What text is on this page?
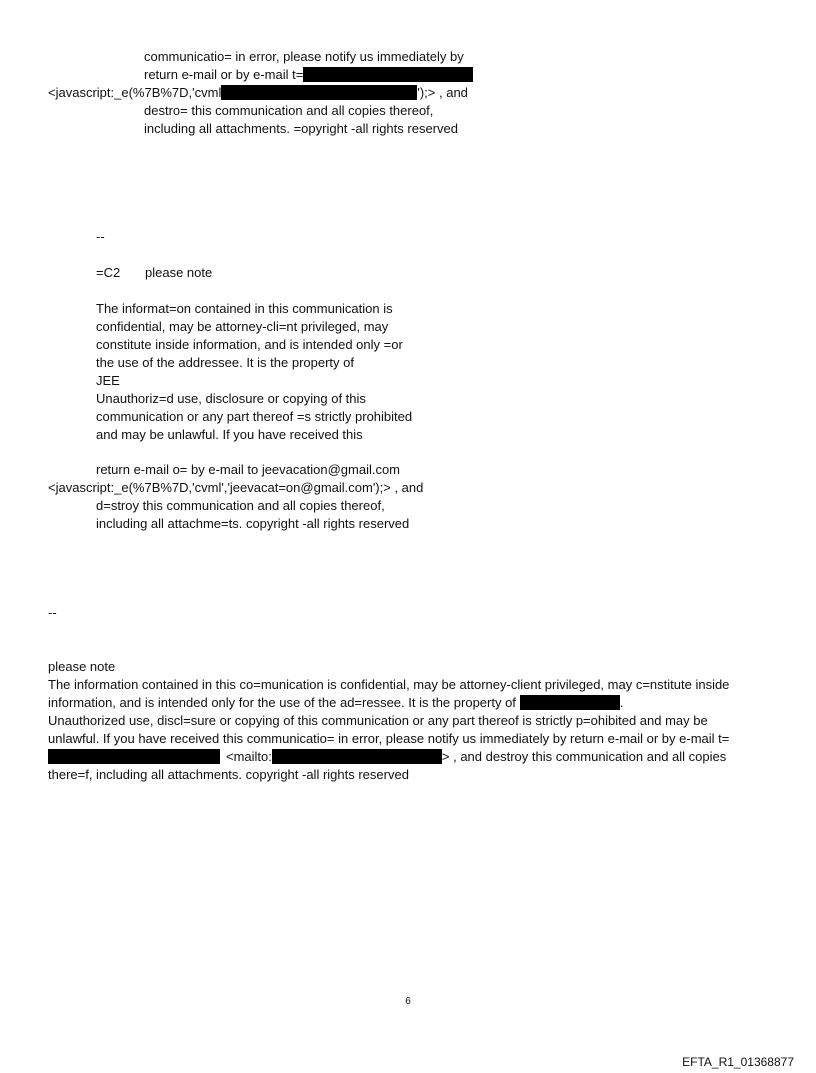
communicatio= in error, please notify us immediately by
return e-mail or by e-mail t=
<javascript:_e(%7B%7D,'cvml	');> , and
destro= this communication and all copies thereof,
including all attachments. =opyright -all rights reserved
--
=C2 please note
The informat=on contained in this communication is
confidential, may be attorney-cli=nt privileged, may
constitute inside information, and is intended only =or
the use of the addressee. It is the property of
JEE
Unauthoriz=d use, disclosure or copying of this
communication or any part thereof =s strictly prohibited
and may be unlawful. If you have received this
return e-mail o= by e-mail to jeevacation@gmail.com
<javascript:_e(%7B%7D,'cvml','jeevacat=on@gmail.com');> , and
d=stroy this communication and all copies thereof,
including all attachme=ts. copyright -all rights reserved
--
please note
The information contained in this co=munication is confidential, may be attorney-client privileged, may c=nstitute inside
information, and is intended only for the use of the ad=ressee. It is the property of	.
Unauthorized use, discl=sure or copying of this communication or any part thereof is strictly p=ohibited and may be
unlawful. If you have received this communicatio= in error, please notify us immediately by return e-mail or by e-mail t=
<mailto:	> , and destroy this communication and all copies
there=f, including all attachments. copyright -all rights reserved
6
EFTA_R1_01368877
